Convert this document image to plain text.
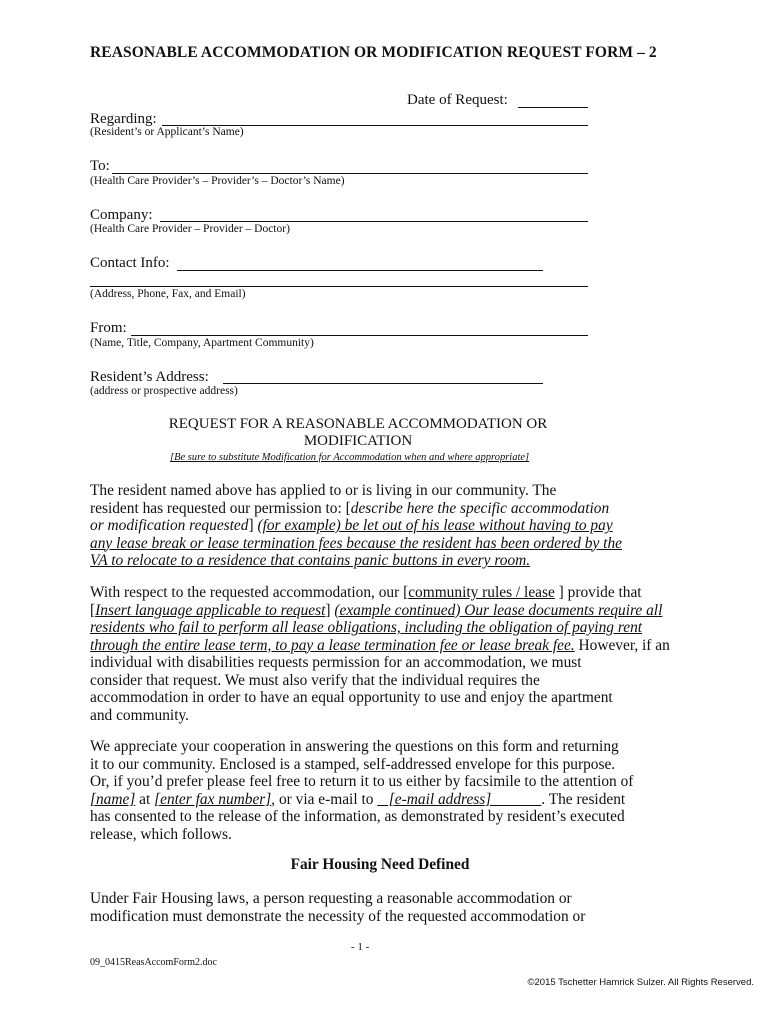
REASONABLE ACCOMMODATION OR MODIFICATION REQUEST FORM – 2
Date of Request:
Regarding:
(Resident’s or Applicant’s Name)
To:
(Health Care Provider’s – Provider’s – Doctor’s Name)
Company:
(Health Care Provider – Provider – Doctor)
Contact Info:
(Address, Phone, Fax, and Email)
From:
(Name, Title, Company, Apartment Community)
Resident’s Address:
(address or prospective address)
REQUEST FOR A REASONABLE ACCOMMODATION OR
MODIFICATION
[Be sure to substitute Modification for Accommodation when and where appropriate]
The resident named above has applied to or is living in our community. The
resident has requested our permission to: [describe here the specific accommodation
or modification requested] (for example) be let out of his lease without having to pay
any lease break or lease termination fees because the resident has been ordered by the
VA to relocate to a residence that contains panic buttons in every room.
With respect to the requested accommodation, our [community rules / lease ] provide that
[Insert language applicable to request] (example continued) Our lease documents require all
residents who fail to perform all lease obligations, including the obligation of paying rent
through the entire lease term, to pay a lease termination fee or lease break fee. However, if an
individual with disabilities requests permission for an accommodation, we must
consider that request. We must also verify that the individual requires the
accommodation in order to have an equal opportunity to use and enjoy the apartment
and community.
We appreciate your cooperation in answering the questions on this form and returning
it to our community. Enclosed is a stamped, self-addressed envelope for this purpose.
Or, if you’d prefer please feel free to return it to us either by facsimile to the attention of
[name] at [enter fax number], or via e-mail to    [e-mail address]             . The resident
has consented to the release of the information, as demonstrated by resident’s executed
release, which follows.
Fair Housing Need Defined
Under Fair Housing laws, a person requesting a reasonable accommodation or
modification must demonstrate the necessity of the requested accommodation or
- 1 -
09_0415ReasAccomForm2.doc
©2015 Tschetter Hamrick Sulzer. All Rights Reserved.
